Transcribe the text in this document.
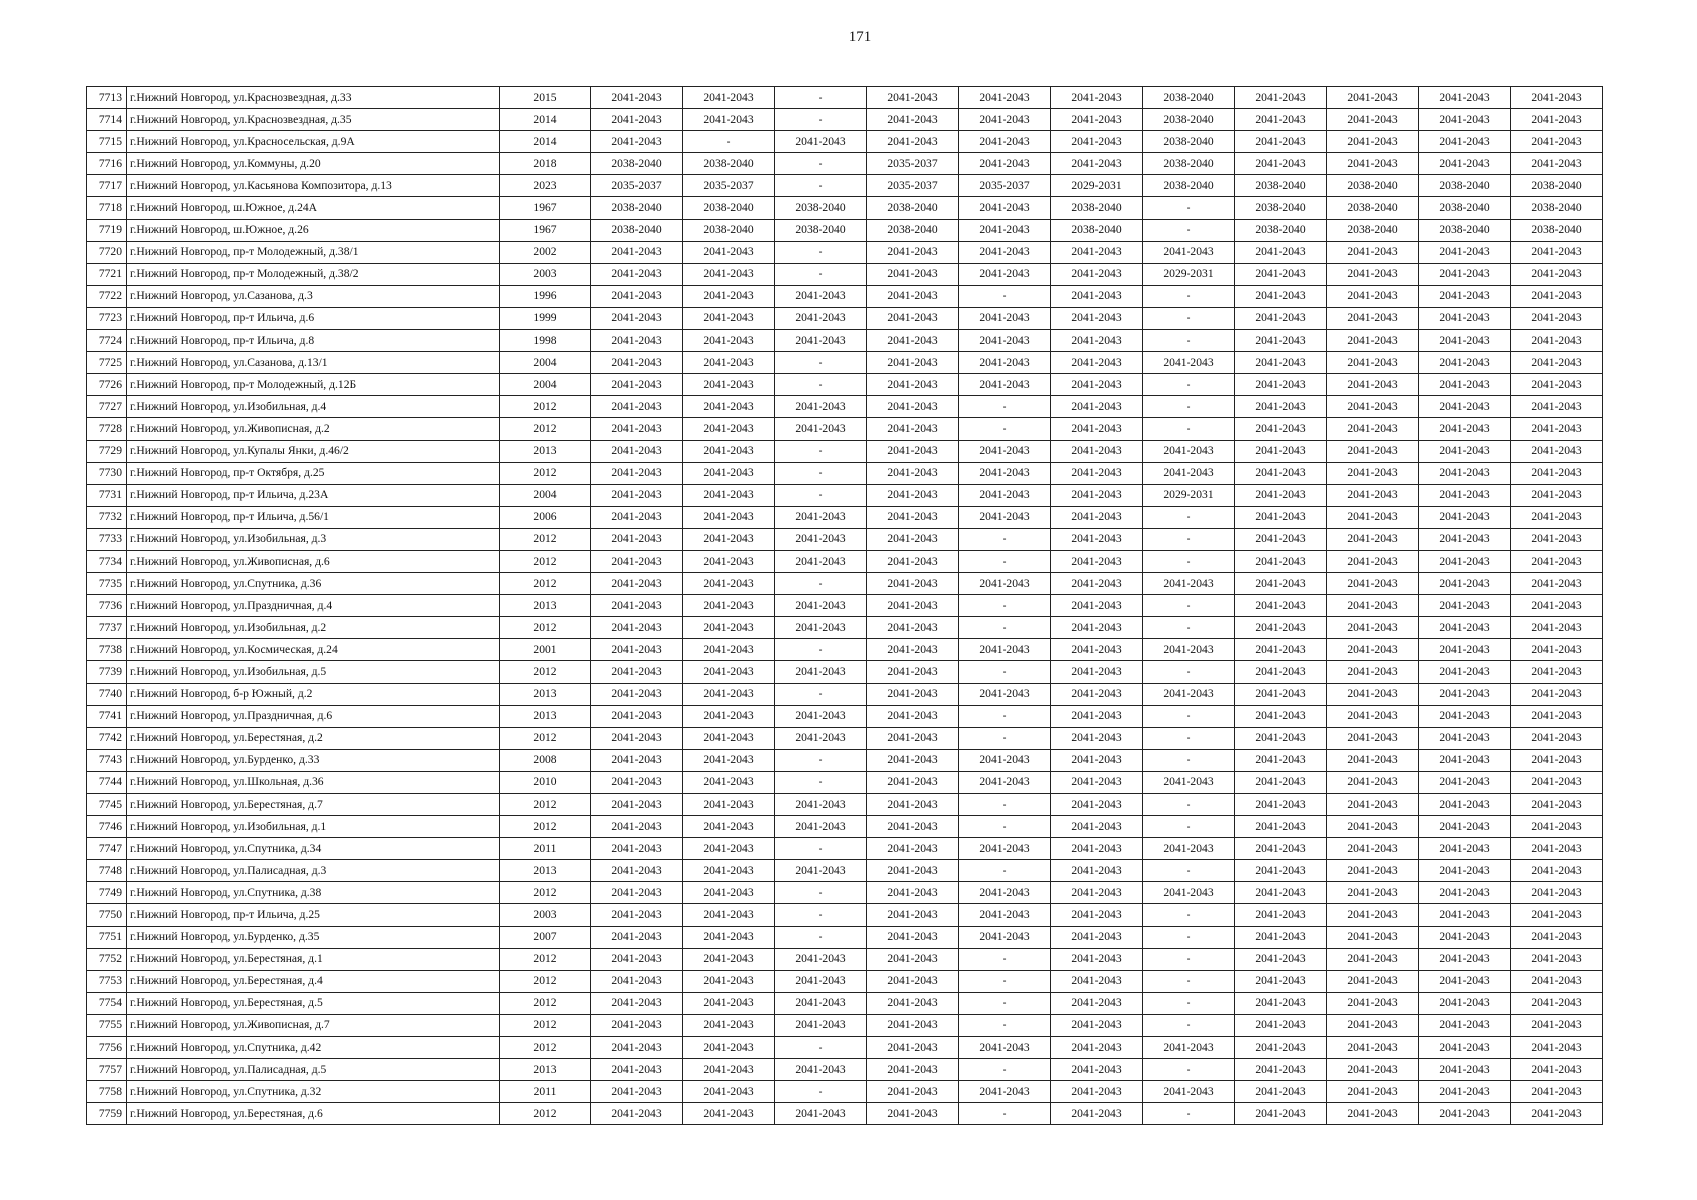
171
7713	г.Нижний Новгород, ул.Краснозвездная, д.33	2015	2041-2043	2041-2043	-	2041-2043	2041-2043	2041-2043	2038-2040	2041-2043	2041-2043	2041-2043	2041-2043
7714	г.Нижний Новгород, ул.Краснозвездная, д.35	2014	2041-2043	2041-2043	-	2041-2043	2041-2043	2041-2043	2038-2040	2041-2043	2041-2043	2041-2043	2041-2043
7715	г.Нижний Новгород, ул.Красносельская, д.9А	2014	2041-2043	-	2041-2043	2041-2043	2041-2043	2041-2043	2038-2040	2041-2043	2041-2043	2041-2043	2041-2043
7716	г.Нижний Новгород, ул.Коммуны, д.20	2018	2038-2040	2038-2040	-	2035-2037	2041-2043	2041-2043	2038-2040	2041-2043	2041-2043	2041-2043	2041-2043
7717	г.Нижний Новгород, ул.Касьянова Композитора, д.13	2023	2035-2037	2035-2037	-	2035-2037	2035-2037	2029-2031	2038-2040	2038-2040	2038-2040	2038-2040	2038-2040
7718	г.Нижний Новгород, ш.Южное, д.24А	1967	2038-2040	2038-2040	2038-2040	2038-2040	2041-2043	2038-2040	-	2038-2040	2038-2040	2038-2040	2038-2040
7719	г.Нижний Новгород, ш.Южное, д.26	1967	2038-2040	2038-2040	2038-2040	2038-2040	2041-2043	2038-2040	-	2038-2040	2038-2040	2038-2040	2038-2040
7720	г.Нижний Новгород, пр-т Молодежный, д.38/1	2002	2041-2043	2041-2043	-	2041-2043	2041-2043	2041-2043	2041-2043	2041-2043	2041-2043	2041-2043	2041-2043
7721	г.Нижний Новгород, пр-т Молодежный, д.38/2	2003	2041-2043	2041-2043	-	2041-2043	2041-2043	2041-2043	2029-2031	2041-2043	2041-2043	2041-2043	2041-2043
7722	г.Нижний Новгород, ул.Сазанова, д.3	1996	2041-2043	2041-2043	2041-2043	2041-2043	-	2041-2043	-	2041-2043	2041-2043	2041-2043	2041-2043
7723	г.Нижний Новгород, пр-т Ильича, д.6	1999	2041-2043	2041-2043	2041-2043	2041-2043	2041-2043	2041-2043	-	2041-2043	2041-2043	2041-2043	2041-2043
7724	г.Нижний Новгород, пр-т Ильича, д.8	1998	2041-2043	2041-2043	2041-2043	2041-2043	2041-2043	2041-2043	-	2041-2043	2041-2043	2041-2043	2041-2043
7725	г.Нижний Новгород, ул.Сазанова, д.13/1	2004	2041-2043	2041-2043	-	2041-2043	2041-2043	2041-2043	2041-2043	2041-2043	2041-2043	2041-2043	2041-2043
7726	г.Нижний Новгород, пр-т Молодежный, д.12Б	2004	2041-2043	2041-2043	-	2041-2043	2041-2043	2041-2043	-	2041-2043	2041-2043	2041-2043	2041-2043
7727	г.Нижний Новгород, ул.Изобильная, д.4	2012	2041-2043	2041-2043	2041-2043	2041-2043	-	2041-2043	-	2041-2043	2041-2043	2041-2043	2041-2043
7728	г.Нижний Новгород, ул.Живописная, д.2	2012	2041-2043	2041-2043	2041-2043	2041-2043	-	2041-2043	-	2041-2043	2041-2043	2041-2043	2041-2043
7729	г.Нижний Новгород, ул.Купалы Янки, д.46/2	2013	2041-2043	2041-2043	-	2041-2043	2041-2043	2041-2043	2041-2043	2041-2043	2041-2043	2041-2043	2041-2043
7730	г.Нижний Новгород, пр-т Октября, д.25	2012	2041-2043	2041-2043	-	2041-2043	2041-2043	2041-2043	2041-2043	2041-2043	2041-2043	2041-2043	2041-2043
7731	г.Нижний Новгород, пр-т Ильича, д.23А	2004	2041-2043	2041-2043	-	2041-2043	2041-2043	2041-2043	2029-2031	2041-2043	2041-2043	2041-2043	2041-2043
7732	г.Нижний Новгород, пр-т Ильича, д.56/1	2006	2041-2043	2041-2043	2041-2043	2041-2043	2041-2043	2041-2043	-	2041-2043	2041-2043	2041-2043	2041-2043
7733	г.Нижний Новгород, ул.Изобильная, д.3	2012	2041-2043	2041-2043	2041-2043	2041-2043	-	2041-2043	-	2041-2043	2041-2043	2041-2043	2041-2043
7734	г.Нижний Новгород, ул.Живописная, д.6	2012	2041-2043	2041-2043	2041-2043	2041-2043	-	2041-2043	-	2041-2043	2041-2043	2041-2043	2041-2043
7735	г.Нижний Новгород, ул.Спутника, д.36	2012	2041-2043	2041-2043	-	2041-2043	2041-2043	2041-2043	2041-2043	2041-2043	2041-2043	2041-2043	2041-2043
7736	г.Нижний Новгород, ул.Праздничная, д.4	2013	2041-2043	2041-2043	2041-2043	2041-2043	-	2041-2043	-	2041-2043	2041-2043	2041-2043	2041-2043
7737	г.Нижний Новгород, ул.Изобильная, д.2	2012	2041-2043	2041-2043	2041-2043	2041-2043	-	2041-2043	-	2041-2043	2041-2043	2041-2043	2041-2043
7738	г.Нижний Новгород, ул.Космическая, д.24	2001	2041-2043	2041-2043	-	2041-2043	2041-2043	2041-2043	2041-2043	2041-2043	2041-2043	2041-2043	2041-2043
7739	г.Нижний Новгород, ул.Изобильная, д.5	2012	2041-2043	2041-2043	2041-2043	2041-2043	-	2041-2043	-	2041-2043	2041-2043	2041-2043	2041-2043
7740	г.Нижний Новгород, б-р Южный, д.2	2013	2041-2043	2041-2043	-	2041-2043	2041-2043	2041-2043	2041-2043	2041-2043	2041-2043	2041-2043	2041-2043
7741	г.Нижний Новгород, ул.Праздничная, д.6	2013	2041-2043	2041-2043	2041-2043	2041-2043	-	2041-2043	-	2041-2043	2041-2043	2041-2043	2041-2043
7742	г.Нижний Новгород, ул.Берестяная, д.2	2012	2041-2043	2041-2043	2041-2043	2041-2043	-	2041-2043	-	2041-2043	2041-2043	2041-2043	2041-2043
7743	г.Нижний Новгород, ул.Бурденко, д.33	2008	2041-2043	2041-2043	-	2041-2043	2041-2043	2041-2043	-	2041-2043	2041-2043	2041-2043	2041-2043
7744	г.Нижний Новгород, ул.Школьная, д.36	2010	2041-2043	2041-2043	-	2041-2043	2041-2043	2041-2043	2041-2043	2041-2043	2041-2043	2041-2043	2041-2043
7745	г.Нижний Новгород, ул.Берестяная, д.7	2012	2041-2043	2041-2043	2041-2043	2041-2043	-	2041-2043	-	2041-2043	2041-2043	2041-2043	2041-2043
7746	г.Нижний Новгород, ул.Изобильная, д.1	2012	2041-2043	2041-2043	2041-2043	2041-2043	-	2041-2043	-	2041-2043	2041-2043	2041-2043	2041-2043
7747	г.Нижний Новгород, ул.Спутника, д.34	2011	2041-2043	2041-2043	-	2041-2043	2041-2043	2041-2043	2041-2043	2041-2043	2041-2043	2041-2043	2041-2043
7748	г.Нижний Новгород, ул.Палисадная, д.3	2013	2041-2043	2041-2043	2041-2043	2041-2043	-	2041-2043	-	2041-2043	2041-2043	2041-2043	2041-2043
7749	г.Нижний Новгород, ул.Спутника, д.38	2012	2041-2043	2041-2043	-	2041-2043	2041-2043	2041-2043	2041-2043	2041-2043	2041-2043	2041-2043	2041-2043
7750	г.Нижний Новгород, пр-т Ильича, д.25	2003	2041-2043	2041-2043	-	2041-2043	2041-2043	2041-2043	-	2041-2043	2041-2043	2041-2043	2041-2043
7751	г.Нижний Новгород, ул.Бурденко, д.35	2007	2041-2043	2041-2043	-	2041-2043	2041-2043	2041-2043	-	2041-2043	2041-2043	2041-2043	2041-2043
7752	г.Нижний Новгород, ул.Берестяная, д.1	2012	2041-2043	2041-2043	2041-2043	2041-2043	-	2041-2043	-	2041-2043	2041-2043	2041-2043	2041-2043
7753	г.Нижний Новгород, ул.Берестяная, д.4	2012	2041-2043	2041-2043	2041-2043	2041-2043	-	2041-2043	-	2041-2043	2041-2043	2041-2043	2041-2043
7754	г.Нижний Новгород, ул.Берестяная, д.5	2012	2041-2043	2041-2043	2041-2043	2041-2043	-	2041-2043	-	2041-2043	2041-2043	2041-2043	2041-2043
7755	г.Нижний Новгород, ул.Живописная, д.7	2012	2041-2043	2041-2043	2041-2043	2041-2043	-	2041-2043	-	2041-2043	2041-2043	2041-2043	2041-2043
7756	г.Нижний Новгород, ул.Спутника, д.42	2012	2041-2043	2041-2043	-	2041-2043	2041-2043	2041-2043	2041-2043	2041-2043	2041-2043	2041-2043	2041-2043
7757	г.Нижний Новгород, ул.Палисадная, д.5	2013	2041-2043	2041-2043	2041-2043	2041-2043	-	2041-2043	-	2041-2043	2041-2043	2041-2043	2041-2043
7758	г.Нижний Новгород, ул.Спутника, д.32	2011	2041-2043	2041-2043	-	2041-2043	2041-2043	2041-2043	2041-2043	2041-2043	2041-2043	2041-2043	2041-2043
7759	г.Нижний Новгород, ул.Берестяная, д.6	2012	2041-2043	2041-2043	2041-2043	2041-2043	-	2041-2043	-	2041-2043	2041-2043	2041-2043	2041-2043
